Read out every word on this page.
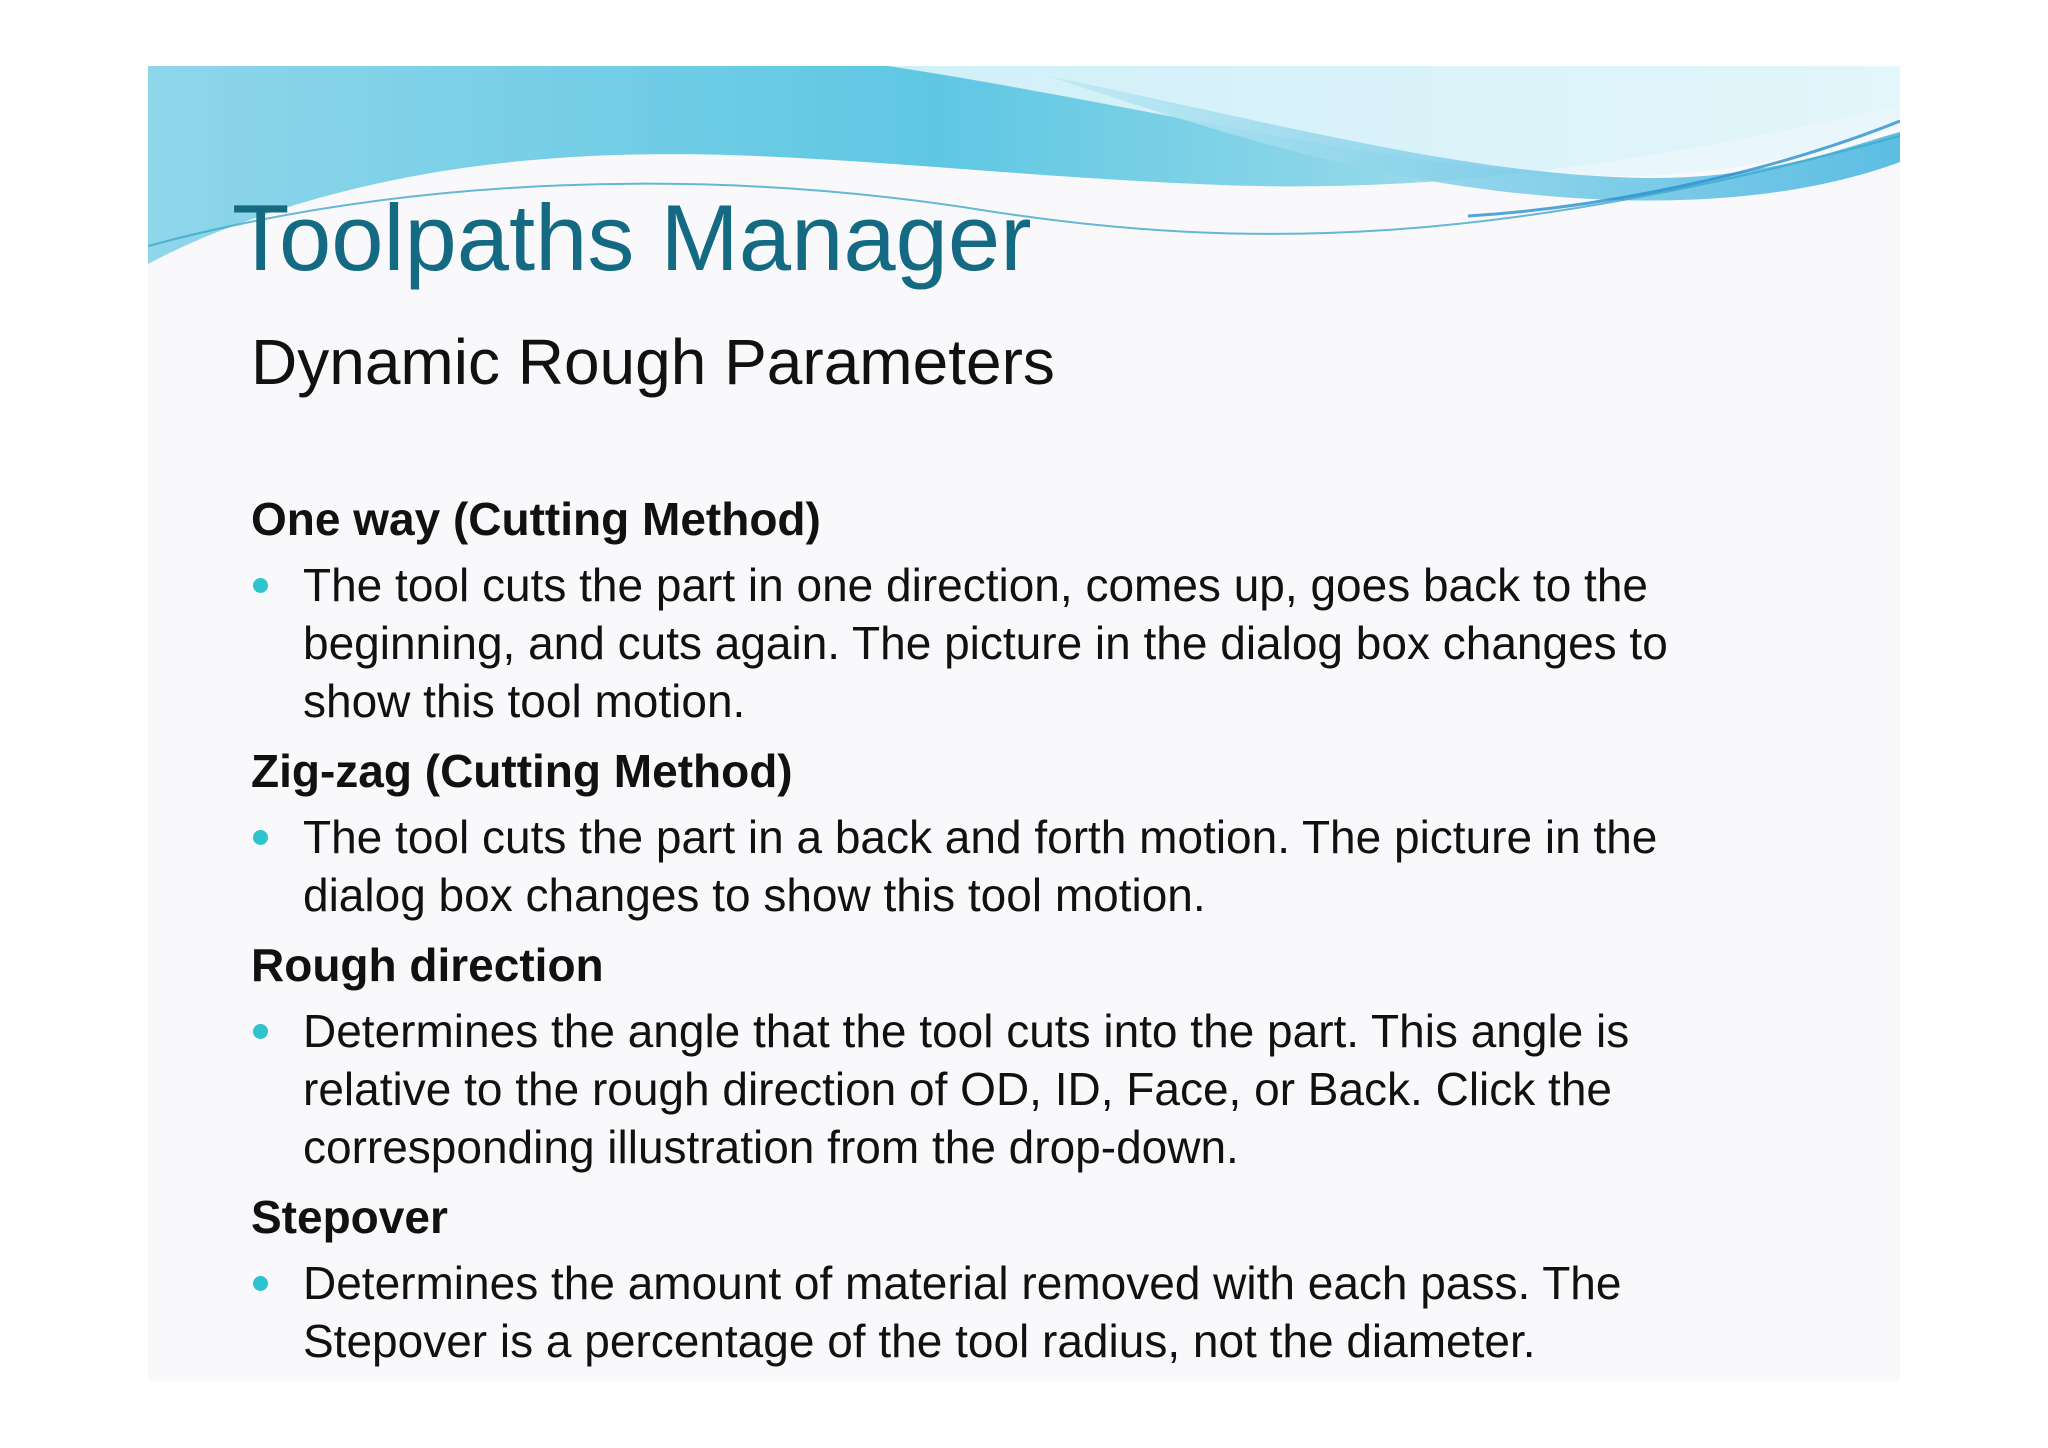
Toolpaths Manager
Dynamic Rough Parameters

One way (Cutting Method)

The tool cuts the part in one direction, comes up, goes back to the
beginning, and cuts again. The picture in the dialog box changes to
show this tool motion.

Zig-zag (Cutting Method)

The tool cuts the part in a back and forth motion. The picture in the
dialog box changes to show this tool motion.

Rough direction

Determines the angle that the tool cuts into the part. This angle is
relative to the rough direction of OD, ID, Face, or Back. Click the
corresponding illustration from the drop-down.

Stepover

Determines the amount of material removed with each pass. The
Stepover is a percentage of the tool radius, not the diameter.
